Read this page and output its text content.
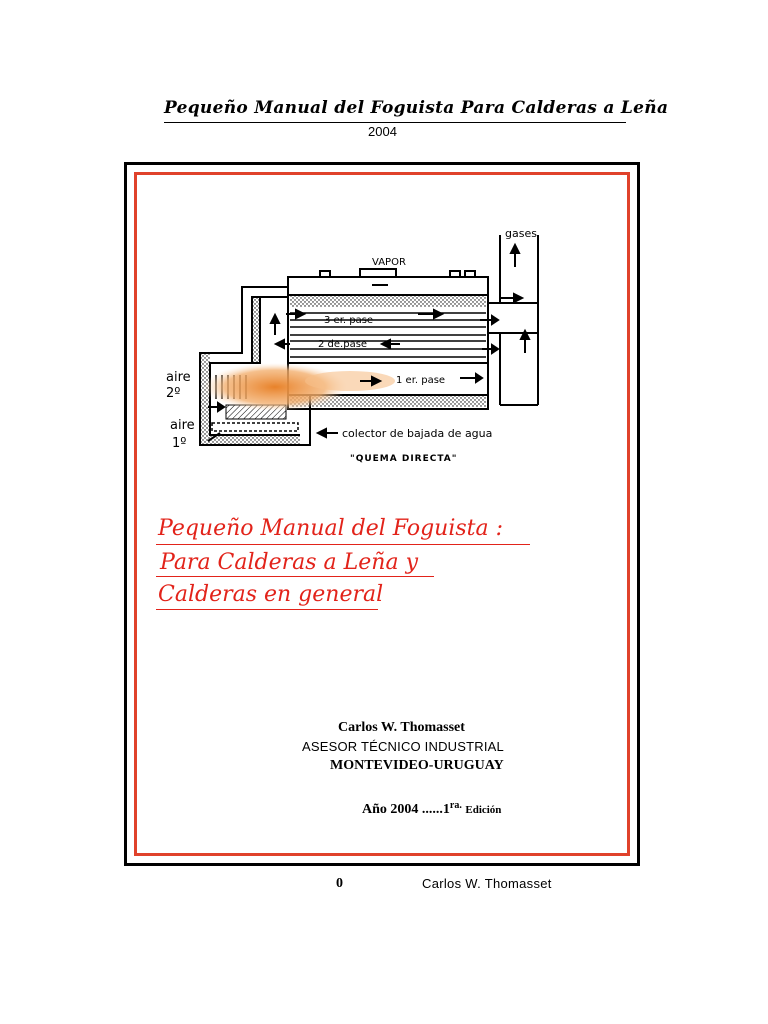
Pequeño Manual del Foguista Para Calderas a Leña
2004
gases
VAPOR
3 er. pase
2 de.pase
1 er. pase
aire
2º
aire
1º
colector de bajada de agua
"QUEMA DIRECTA"
Pequeño Manual del Foguista :
Para Calderas a Leña y
Calderas en general
Carlos W. Thomasset
ASESOR TÉCNICO INDUSTRIAL
MONTEVIDEO-URUGUAY
Año 2004 $......1^{ra.}$ Edición
0	Carlos W. Thomasset
